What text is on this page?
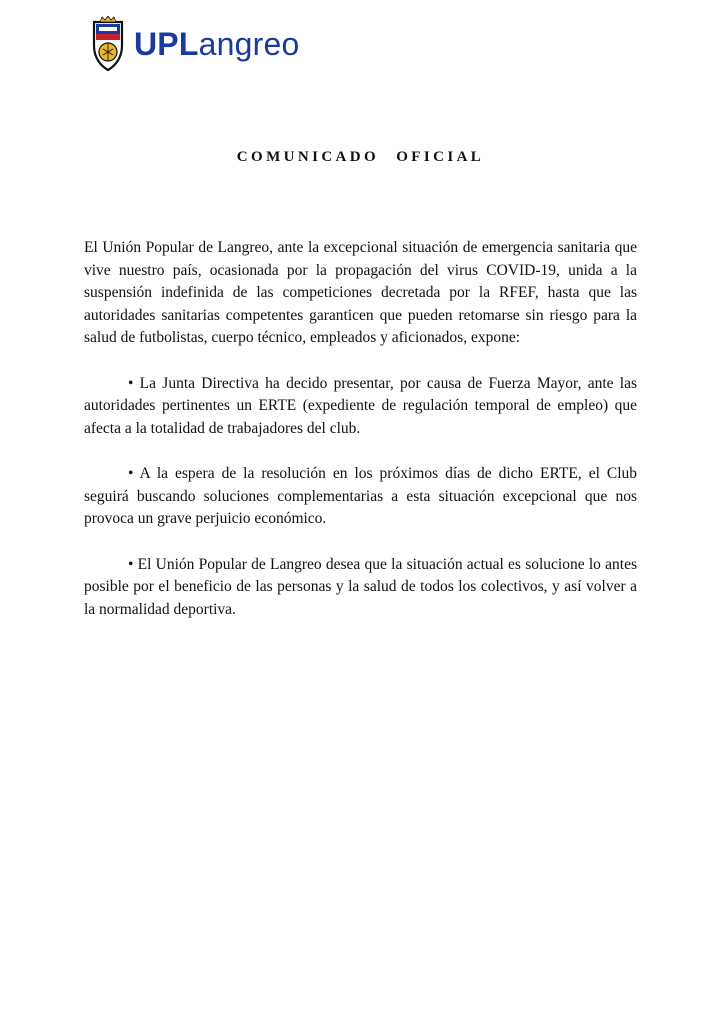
UPLangreo
COMUNICADO OFICIAL

El Unión Popular de Langreo, ante la excepcional situación de emergencia sanitaria que vive nuestro país, ocasionada por la propagación del virus COVID-19, unida a la suspensión indefinida de las competiciones decretada por la RFEF, hasta que las autoridades sanitarias competentes garanticen que pueden retomarse sin riesgo para la salud de futbolistas, cuerpo técnico, empleados y aficionados, expone:

• La Junta Directiva ha decido presentar, por causa de Fuerza Mayor, ante las autoridades pertinentes un ERTE (expediente de regulación temporal de empleo) que afecta a la totalidad de trabajadores del club.

• A la espera de la resolución en los próximos días de dicho ERTE, el Club seguirá buscando soluciones complementarias a esta situación excepcional que nos provoca un grave perjuicio económico.

• El Unión Popular de Langreo desea que la situación actual es solucione lo antes posible por el beneficio de las personas y la salud de todos los colectivos, y así volver a la normalidad deportiva.
